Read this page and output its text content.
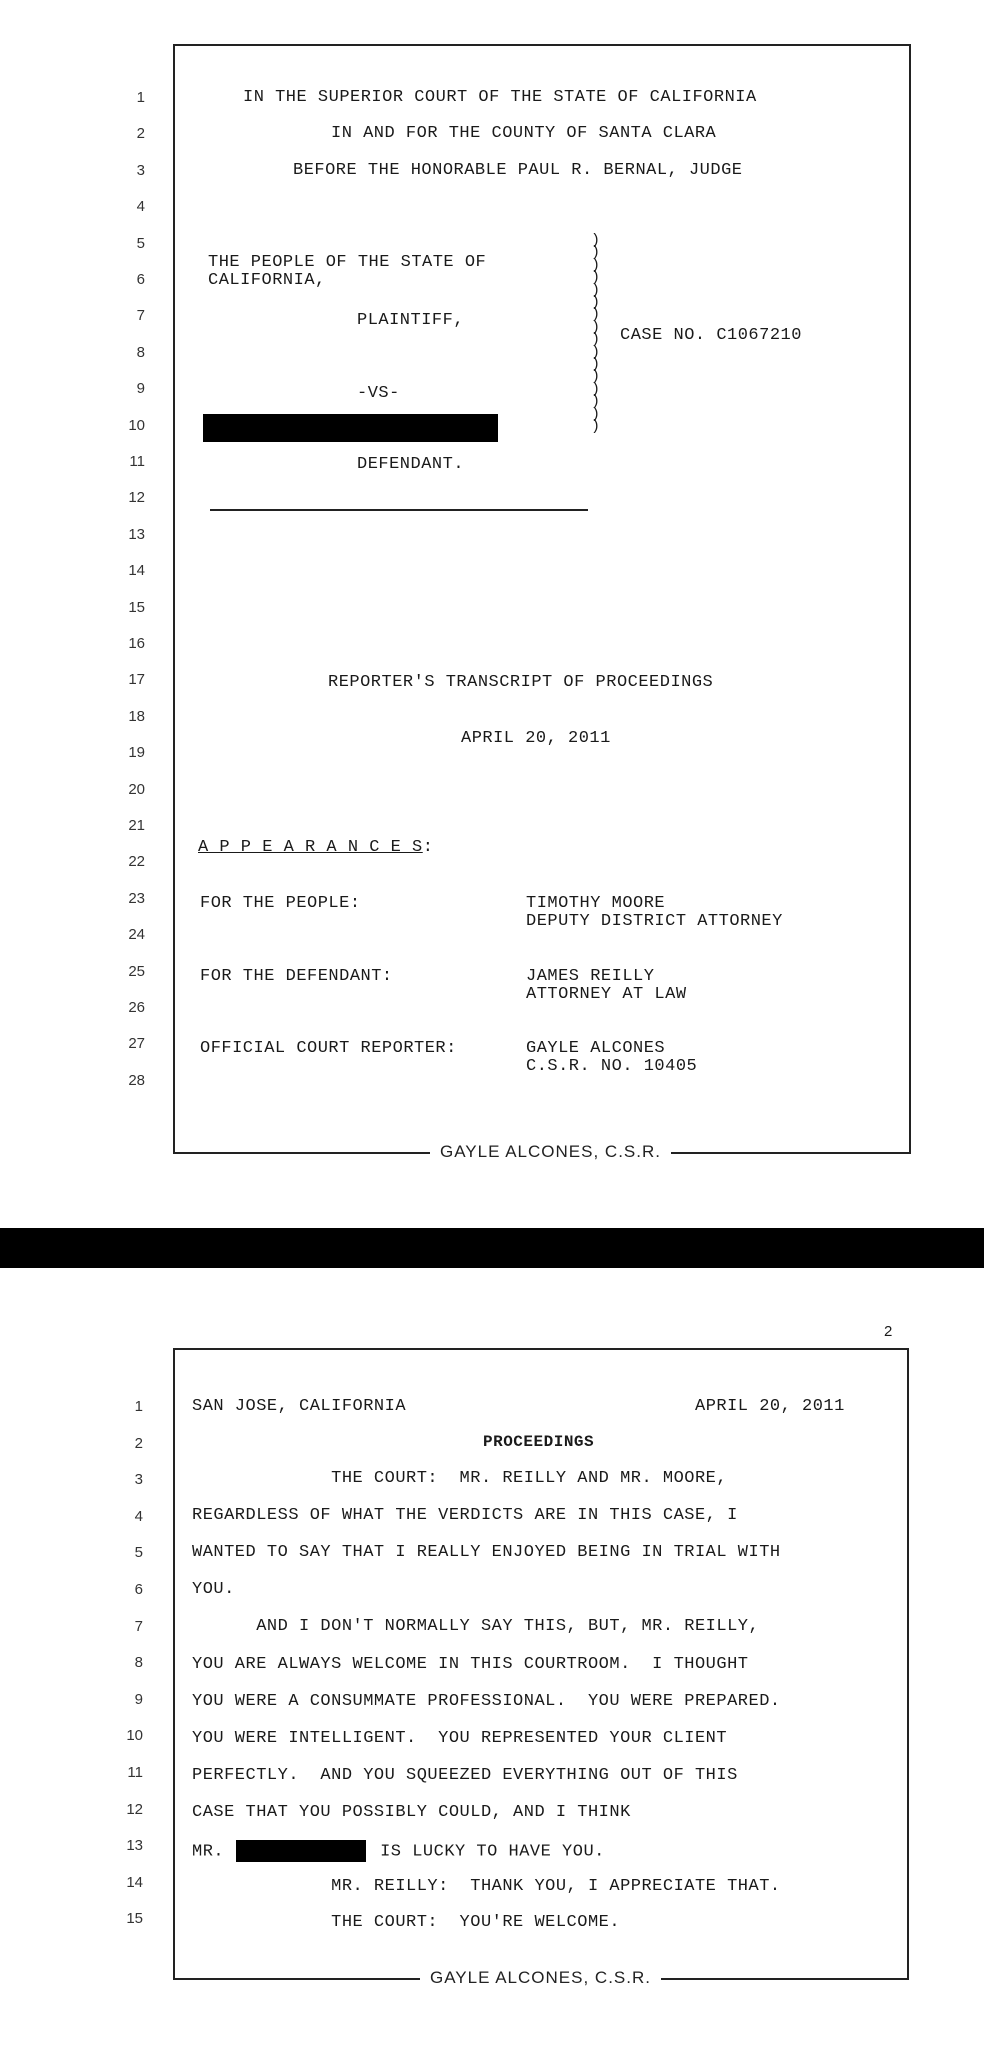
1
2
3
4
5
6
7
8
9
10
11
12
13
14
15
16
17
18
19
20
21
22
23
24
25
26
27
28
IN THE SUPERIOR COURT OF THE STATE OF CALIFORNIA
IN AND FOR THE COUNTY OF SANTA CLARA
BEFORE THE HONORABLE PAUL R. BERNAL, JUDGE
THE PEOPLE OF THE STATE OF
CALIFORNIA,
PLAINTIFF,
CASE NO. C1067210
-VS-
DEFENDANT.
)
)
)
)
)
)
)
)
)
)
)
)
)
)
)
)
REPORTER'S TRANSCRIPT OF PROCEEDINGS
APRIL 20, 2011
A P P E A R A N C E S:
FOR THE PEOPLE:	TIMOTHY MOORE
DEPUTY DISTRICT ATTORNEY
FOR THE DEFENDANT:	JAMES REILLY
ATTORNEY AT LAW
OFFICIAL COURT REPORTER:	GAYLE ALCONES
C.S.R. NO. 10405
GAYLE ALCONES, C.S.R.
2
1
2
3
4
5
6
7
8
9
10
11
12
13
14
15
SAN JOSE, CALIFORNIA	APRIL 20, 2011
PROCEEDINGS
THE COURT:  MR. REILLY AND MR. MOORE,
REGARDLESS OF WHAT THE VERDICTS ARE IN THIS CASE, I
WANTED TO SAY THAT I REALLY ENJOYED BEING IN TRIAL WITH
YOU.
AND I DON'T NORMALLY SAY THIS, BUT, MR. REILLY,
YOU ARE ALWAYS WELCOME IN THIS COURTROOM.  I THOUGHT
YOU WERE A CONSUMMATE PROFESSIONAL.  YOU WERE PREPARED.
YOU WERE INTELLIGENT.  YOU REPRESENTED YOUR CLIENT
PERFECTLY.  AND YOU SQUEEZED EVERYTHING OUT OF THIS
CASE THAT YOU POSSIBLY COULD, AND I THINK
MR.	IS LUCKY TO HAVE YOU.
MR. REILLY:  THANK YOU, I APPRECIATE THAT.
THE COURT:  YOU'RE WELCOME.
GAYLE ALCONES, C.S.R.
